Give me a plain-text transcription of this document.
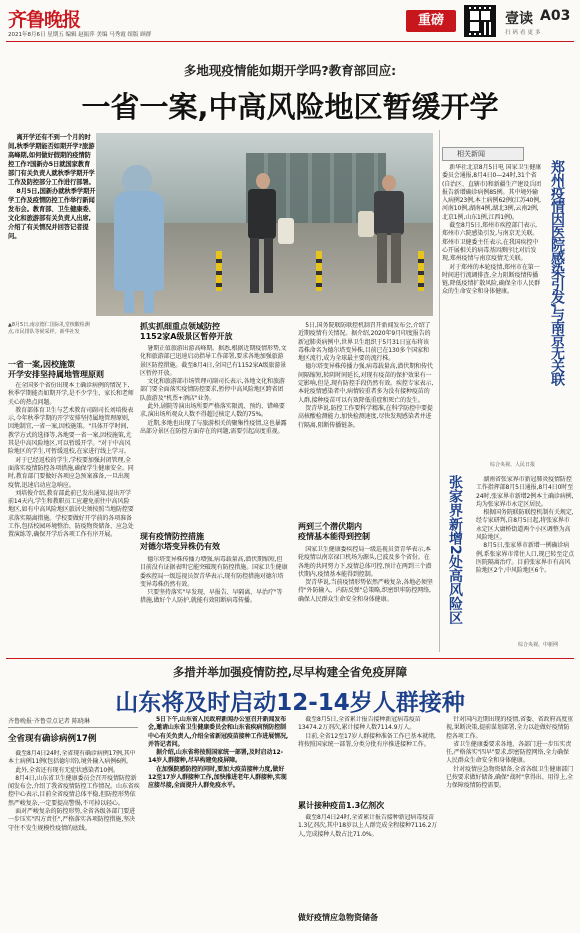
齐鲁晚报
2021年8月6日 星期五 编辑 赵振萍 美编 马秀霞 组版 顾群
重磅	壹读 A03
扫码看更多
多地现疫情能如期开学吗?教育部回应:
一省一案,中高风险地区暂缓开学
离开学还有不到一个月的时间,秋季学期能否如期开学?旅游高峰期,如何做好假期的疫情防控工作?国新办5日就国家教育部门有关负责人就秋季学期开学工作及防控部分工作进行部署。
8月5日,国新办就秋季学期开学工作及疫情防控工作举行新闻发布会。教育部、卫生健康委、文化和旅游部有关负责人出席,介绍了有关情况并回答记者提问。
▲8月5日,南京德仁国际礼堂核酸检测点,市民排队等候采样。新华社发
一省一案,因校施策
开学安排坚持属地管理原则
在全国多个省份出现本土确诊病例的情况下,秋季学期能否如期开学,是不少学生、家长和老师关心的热点问题。
教育部体育卫生与艺术教育司副司长刘培俊表示,今年秋季学期的开学安排坚持属地管理原则,因地制宜,一省一案,因校施策。"具体开学时间,教学方式的选择等,各地要一省一案,因校施策,尤其是中高风险地区,可以暂缓开学。"对于中高风险地区的学生,可暂缓返校,在家进行线上学习。
对于已经返校的学生,学校要加强封闭管理,全面落实疫情防控各项措施,确保学生健康安全。同时,教育部门要做好各项应急预案准备,一旦出现疫情,迅速启动应急响应。
刘培俊介绍,教育部此前已发出通知,提出开学前14天内,学生和教职员工应避免前往中高风险地区,如有中高风险地区旅居史须按照当地防控要求落实隔离措施。学校要做好开学前的各项准备工作,包括校园环境整治、防疫物资储备、应急处置演练等,确保开学后各项工作有序开展。
抓实抓细重点领域防控
1152家A级景区暂停开放
暑期正值旅游出游高峰期。据悉,根据近期疫情形势,文化和旅游部已迅速启动指导工作部署,要求各地加强旅游景区防控措施。截至8月4日,全国已有1152家A级旅游景区暂停开放。
文化和旅游部市场管理司副司长表示,各地文化和旅游部门要全面落实疫情防控要求,暂停中高风险地区跨省团队旅游及"机票+酒店"业务。
此外,剧院等演出场所要严格落实限流、预约、错峰要求,演出场所观众人数不得超过核定人数的75%。
近期,多地也出现了与旅游相关的聚集性疫情,这也暴露出部分景区在防控方面存在的问题,需要引起高度重视。
现有疫情防控措施
对德尔塔变异株仍有效
德尔塔变异株传播力增强,病毒载量高,潜伏期缩短,但目前没有证据表明它能突破现有防控措施。国家卫生健康委疾控局一级巡视员贺青华表示,现有防控措施对德尔塔变异毒株仍然有效。
只要坚持落实"早发现、早报告、早隔离、早治疗"等措施,做好个人防护,就能有效阻断病毒传播。
5日,国务院联防联控机制召开新闻发布会,介绍了近期疫情有关情况。据介绍,2020年9月印度报告的新冠肺炎病例中,世界卫生组织于5月31日宣布将该毒株命名为德尔塔变异株,目前已在130多个国家和地区流行,成为全球最主要的流行株。
德尔塔变异株传播力强,病毒载量高,潜伏期和传代间隔缩短,转阴时间延长,对现有疫苗的保护效果有一定影响,但是,现有防控手段仍然有效。疾控专家表示,本轮疫情感染者中,病情较重者多为没有接种疫苗的人群,接种疫苗可以有效降低重症和死亡的发生。
贺青华说,防控工作要科学精准,在科学防控中要提高核酸检测能力,加快检测速度,尽快发现感染者并进行隔离,阻断传播链条。
两到三个潜伏期内
疫情基本能得到控制
国家卫生健康委疾控局一级巡视员贺青华表示,本轮疫情以南京禄口机场为源头,已波及多个省份。在各地的共同努力下,疫情总体可控,预计在两到三个潜伏期内,疫情基本能得到控制。
贺青华说,当前疫情形势依然严峻复杂,各地必须坚持"外防输入、内防反弹"总策略,织密织牢防控网络,确保人民群众生命安全和身体健康。
相关新闻
新华社北京8月5日电 国家卫生健康委员会通报,8月4日0—24时,31个省(自治区、直辖市)和新疆生产建设兵团报告新增确诊病例85例。其中境外输入病例23例,本土病例62例(江苏40例,河南10例,湖南4例,湖北3例,云南2例,北京1例,山东1例,江西1例)。
截至8月5日,郑州市疾控部门表示,郑州市六院感染引发,与南京无关联。郑州市卫健委主任表示,在我国疾控中心开展相关的病毒基因测序比对后发现,郑州疫情与南京疫情无关联。
对于郑州的本轮疫情,郑州市在第一时间进行流调排查,全力阻断疫情传播链,降低疫情扩散风险,确保全市人民群众的生命安全和身体健康。	郑州疫情因医院感染引发,与南京无关联
综合央视、人民日报
张家界新增2处高风险区	湖南省张家界市新冠肺炎疫情防控工作指挥部8月5日通报,8月4日0时至24时,张家界市新增2例本土确诊病例,均为张家界市永定区居民。
根据国务院联防联控机制有关规定,经专家研判,自8月5日起,将张家界市永定区大庸桥街道两个小区调整为高风险地区。
8月5日,张家界市新增一例确诊病例,系张家界市常住人口,现已转至定点医院隔离治疗。目前张家界市有高风险地区2个,中风险地区6个。
综合央视、中新网
多措并举加强疫情防控,尽早构建全省免疫屏障
山东将及时启动12-14岁人群接种
齐鲁晚报·齐鲁壹点记者 陈晓琳
全省现有确诊病例17例
截至8月4日24时,全省现有确诊病例17例,其中本土病例11例(包括德尔塔),境外输入病例6例。
此外,全省还有现有无症状感染者10例。
8月4日,山东省卫生健康委员会召开疫情防控新闻发布会,介绍了我省疫情防控工作情况。山东省疾控中心表示,目前全省疫情总体平稳,但防控形势依然严峻复杂,一定要提高警惕,不可掉以轻心。
面对严峻复杂的防控形势,全省各级各部门要进一步压实"四方责任",严格落实各项防控措施,坚决守住不发生规模性疫情的底线。
5日下午,山东省人民政府新闻办公室召开新闻发布会,邀请山东省卫生健康委员会和山东省疾病预防控制中心有关负责人,介绍全省新冠疫苗接种工作进展情况,并答记者问。
据介绍,山东省将按照国家统一部署,及时启动12-14岁人群接种,尽早构建免疫屏障。
在加强院感防控的同时,要加大疫苗接种力度,做好12至17岁人群接种工作,加快推进老年人群接种,实现应接尽接,全面提升人群免疫水平。
截至8月5日,全省累计报告接种新冠病毒疫苗13474.2万剂次,累计接种人数7114.9万人。
目前,全省12至17岁人群接种准备工作已基本就绪,将按照国家统一部署,分类分批有序推进接种工作。
累计接种疫苗1.3亿剂次
截至8月4日24时,全省累计报告接种新冠病毒疫苗1.3亿剂次,其中18岁以上人群完成全程接种7116.2万人,完成接种人数占比71.0%。
做好疫情应急物资储备
针对国内近期出现的疫情,省委、省政府高度重视,果断决策,提前谋划部署,全力以赴做好疫情防控各项工作。
省卫生健康委要求各地、各部门进一步压实责任,严格落实"四早"要求,织密防控网络,全力确保人民群众生命安全和身体健康。
针对疫情应急物资储备,全省各级卫生健康部门已按要求做好储备,确保"战时"拿得出、用得上,全力保障疫情防控需要。
